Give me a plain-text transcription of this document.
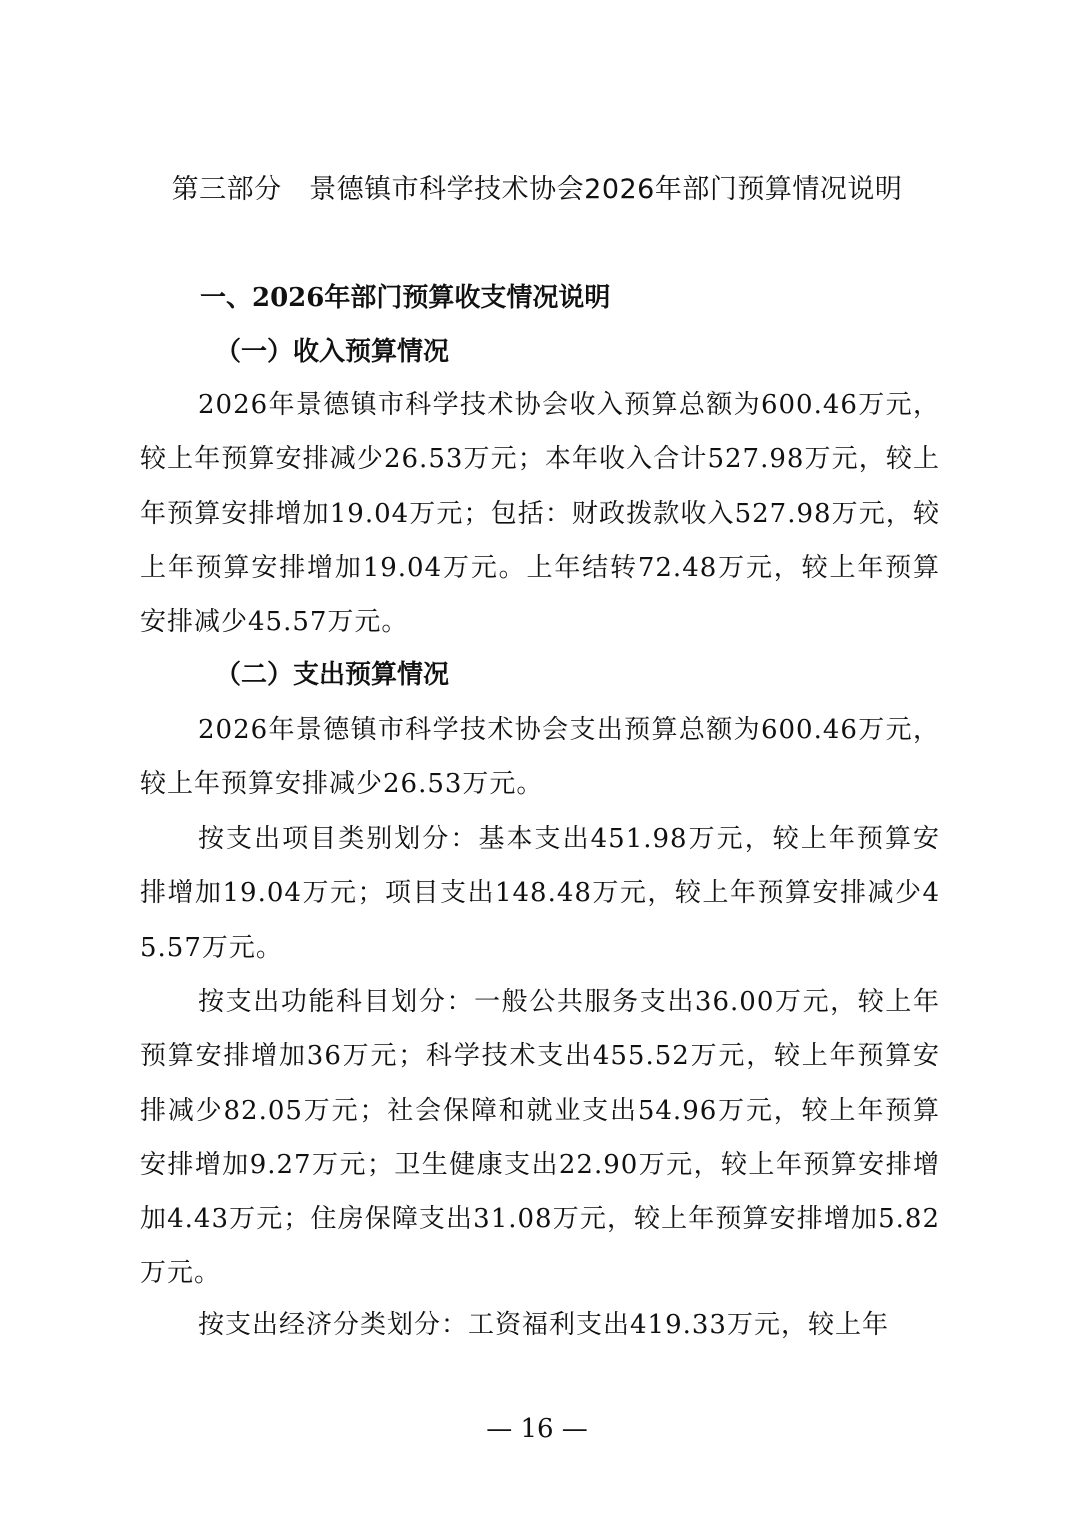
第三部分　景德镇市科学技术协会2026年部门预算情况说明
一、2026年部门预算收支情况说明
（一）收入预算情况
2026年景德镇市科学技术协会收入预算总额为600.46万元，较上年预算安排减少26.53万元；本年收入合计527.98万元，较上年预算安排增加19.04万元；包括：财政拨款收入527.98万元，较上年预算安排增加19.04万元。上年结转72.48万元，较上年预算安排减少45.57万元。
（二）支出预算情况
2026年景德镇市科学技术协会支出预算总额为600.46万元，较上年预算安排减少26.53万元。
按支出项目类别划分：基本支出451.98万元，较上年预算安排增加19.04万元；项目支出148.48万元，较上年预算安排减少45.57万元。
按支出功能科目划分：一般公共服务支出36.00万元，较上年预算安排增加36万元；科学技术支出455.52万元，较上年预算安排减少82.05万元；社会保障和就业支出54.96万元，较上年预算安排增加9.27万元；卫生健康支出22.90万元，较上年预算安排增加4.43万元；住房保障支出31.08万元，较上年预算安排增加5.82万元。
按支出经济分类划分：工资福利支出419.33万元，较上年
— 16 —
